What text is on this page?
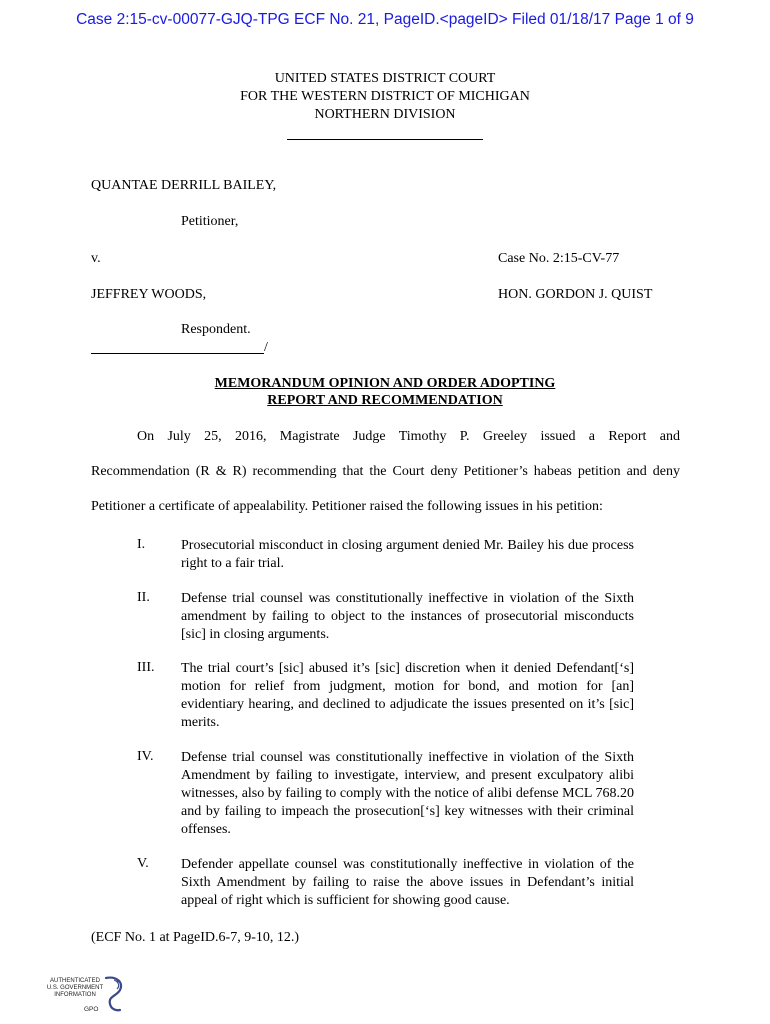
Case 2:15-cv-00077-GJQ-TPG ECF No. 21, PageID.<pageID> Filed 01/18/17 Page 1 of 9
UNITED STATES DISTRICT COURT
FOR THE WESTERN DISTRICT OF MICHIGAN
NORTHERN DIVISION
QUANTAE DERRILL BAILEY,
Petitioner,
v.	Case No. 2:15-CV-77
JEFFREY WOODS,	HON. GORDON J. QUIST
Respondent.
/
MEMORANDUM OPINION AND ORDER ADOPTING
REPORT AND RECOMMENDATION
On July 25, 2016, Magistrate Judge Timothy P. Greeley issued a Report and
Recommendation (R & R) recommending that the Court deny Petitioner’s habeas petition and deny
Petitioner a certificate of appealability. Petitioner raised the following issues in his petition:
I.	Prosecutorial misconduct in closing argument denied Mr. Bailey his due process right to a fair trial.
II. Defense trial counsel was constitutionally ineffective in violation of the Sixth amendment by failing to object to the instances of prosecutorial misconducts [sic] in closing arguments.
III. The trial court’s [sic] abused it’s [sic] discretion when it denied Defendant[‘s] motion for relief from judgment, motion for bond, and motion for [an] evidentiary hearing, and declined to adjudicate the issues presented on it’s [sic] merits.
IV. Defense trial counsel was constitutionally ineffective in violation of the Sixth Amendment by failing to investigate, interview, and present exculpatory alibi witnesses, also by failing to comply with the notice of alibi defense MCL 768.20 and by failing to impeach the prosecution[‘s] key witnesses with their criminal offenses.
V. Defender appellate counsel was constitutionally ineffective in violation of the Sixth Amendment by failing to raise the above issues in Defendant’s initial appeal of right which is sufficient for showing good cause.
(ECF No. 1 at PageID.6-7, 9-10, 12.)
AUTHENTICATED U.S. GOVERNMENT INFORMATION
GPO
